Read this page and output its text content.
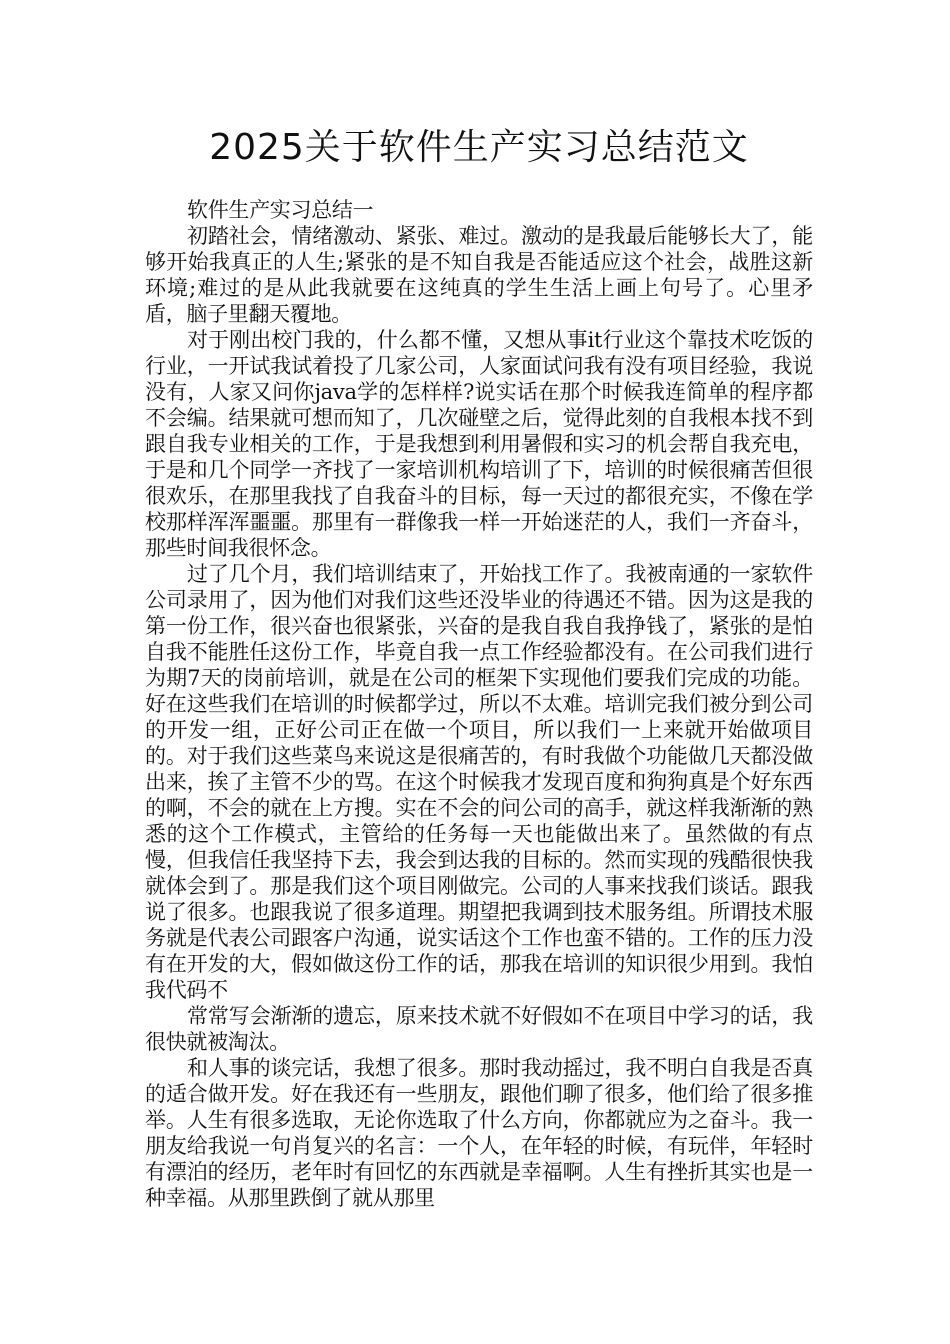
2025关于软件生产实习总结范文

软件生产实习总结一

初踏社会，情绪激动、紧张、难过。激动的是我最后能够长大了，能够开始我真正的人生;紧张的是不知自我是否能适应这个社会，战胜这新环境;难过的是从此我就要在这纯真的学生生活上画上句号了。心里矛盾，脑子里翻天覆地。

对于刚出校门我的，什么都不懂，又想从事it行业这个靠技术吃饭的行业，一开试我试着投了几家公司，人家面试问我有没有项目经验，我说没有，人家又问你java学的怎样样?说实话在那个时候我连简单的程序都不会编。结果就可想而知了，几次碰壁之后，觉得此刻的自我根本找不到跟自我专业相关的工作，于是我想到利用暑假和实习的机会帮自我充电，于是和几个同学一齐找了一家培训机构培训了下，培训的时候很痛苦但很很欢乐，在那里我找了自我奋斗的目标，每一天过的都很充实，不像在学校那样浑浑噩噩。那里有一群像我一样一开始迷茫的人，我们一齐奋斗，那些时间我很怀念。

过了几个月，我们培训结束了，开始找工作了。我被南通的一家软件公司录用了，因为他们对我们这些还没毕业的待遇还不错。因为这是我的第一份工作，很兴奋也很紧张，兴奋的是我自我自我挣钱了，紧张的是怕自我不能胜任这份工作，毕竟自我一点工作经验都没有。在公司我们进行为期7天的岗前培训，就是在公司的框架下实现他们要我们完成的功能。好在这些我们在培训的时候都学过，所以不太难。培训完我们被分到公司的开发一组，正好公司正在做一个项目，所以我们一上来就开始做项目的。对于我们这些菜鸟来说这是很痛苦的，有时我做个功能做几天都没做出来，挨了主管不少的骂。在这个时候我才发现百度和狗狗真是个好东西的啊，不会的就在上方搜。实在不会的问公司的高手，就这样我渐渐的熟悉的这个工作模式，主管给的任务每一天也能做出来了。虽然做的有点慢，但我信任我坚持下去，我会到达我的目标的。然而实现的残酷很快我就体会到了。那是我们这个项目刚做完。公司的人事来找我们谈话。跟我说了很多。也跟我说了很多道理。期望把我调到技术服务组。所谓技术服务就是代表公司跟客户沟通，说实话这个工作也蛮不错的。工作的压力没有在开发的大，假如做这份工作的话，那我在培训的知识很少用到。我怕我代码不

常常写会渐渐的遗忘，原来技术就不好假如不在项目中学习的话，我很快就被淘汰。

和人事的谈完话，我想了很多。那时我动摇过，我不明白自我是否真的适合做开发。好在我还有一些朋友，跟他们聊了很多，他们给了很多推举。人生有很多选取，无论你选取了什么方向，你都就应为之奋斗。我一朋友给我说一句肖复兴的名言：一个人，在年轻的时候，有玩伴，年轻时有漂泊的经历，老年时有回忆的东西就是幸福啊。人生有挫折其实也是一种幸福。从那里跌倒了就从那里
